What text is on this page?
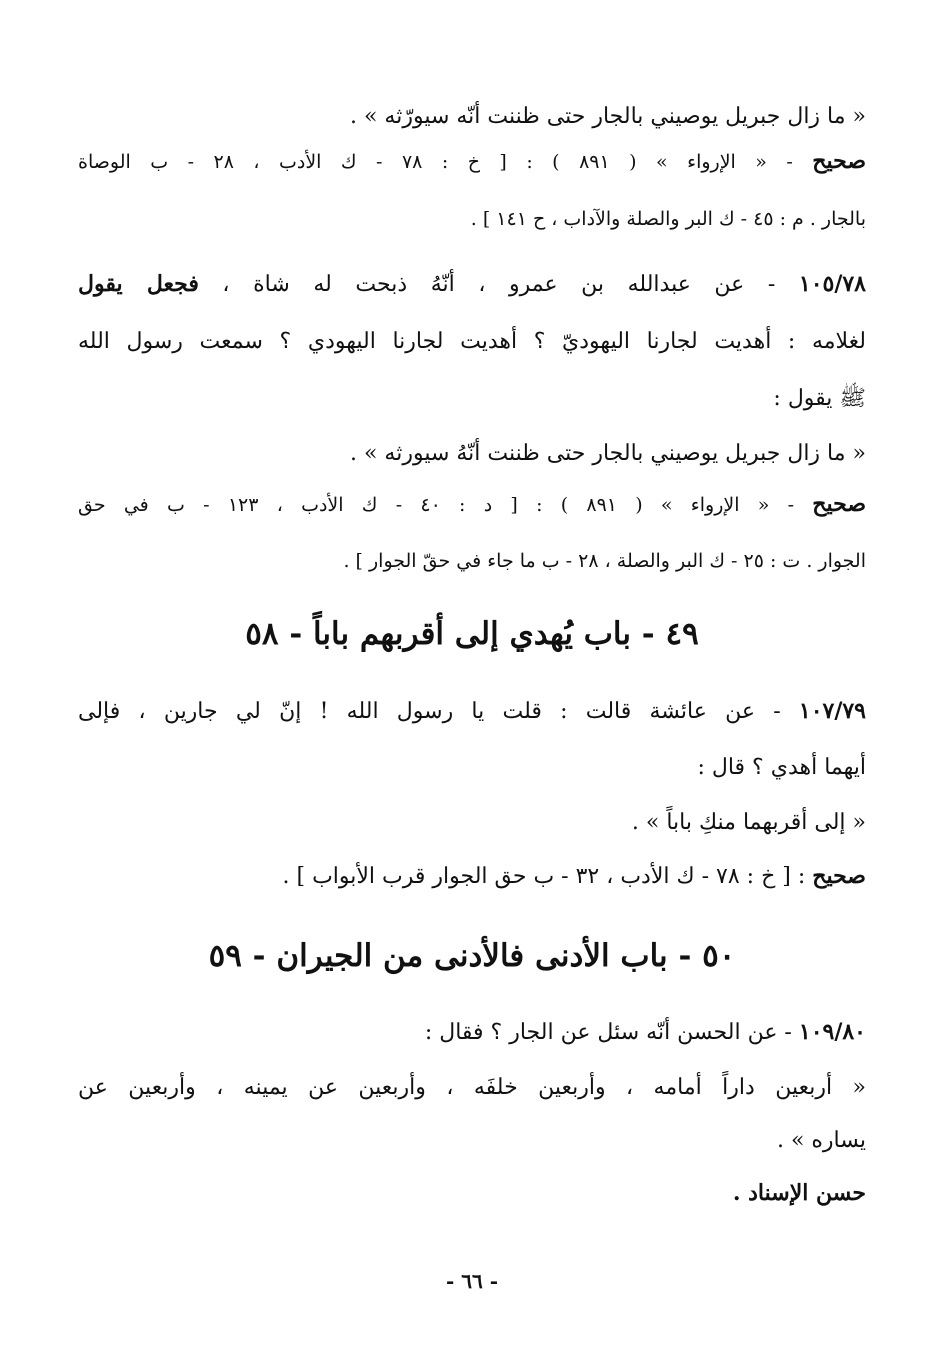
« ما زال جبريل يوصيني بالجار حتى ظننت أنّه سيورّثه » .
صحيح - « الإرواء » ( ٨٩١ ) : [ خ : ٧٨ - ك الأدب ، ٢٨ - ب الوصاة
بالجار . م : ٤٥ - ك البر والصلة والآداب ، ح ١٤١ ] .
١٠٥/٧٨ - عن عبدالله بن عمرو ، أنّهُ ذبحت له شاة ، فجعل يقول
لغلامه : أهديت لجارنا اليهوديّ ؟ أهديت لجارنا اليهودي ؟ سمعت رسول الله
ﷺ يقول :
« ما زال جبريل يوصيني بالجار حتى ظننت أنّهُ سيورثه » .
صحيح - « الإرواء » ( ٨٩١ ) : [ د : ٤٠ - ك الأدب ، ١٢٣ - ب في حق
الجوار . ت : ٢٥ - ك البر والصلة ، ٢٨ - ب ما جاء في حقّ الجوار ] .
٤٩ - باب يُهدي إلى أقربهم باباً - ٥٨
١٠٧/٧٩ - عن عائشة قالت : قلت يا رسول الله ! إنّ لي جارين ، فإلى
أيهما أهدي ؟ قال :
« إلى أقربهما منكِ باباً » .
صحيح : [ خ : ٧٨ - ك الأدب ، ٣٢ - ب حق الجوار قرب الأبواب ] .
٥٠ - باب الأدنى فالأدنى من الجيران - ٥٩
١٠٩/٨٠ - عن الحسن أنّه سئل عن الجار ؟ فقال :
« أربعين داراً أمامه ، وأربعين خلفَه ، وأربعين عن يمينه ، وأربعين عن
يساره » .
حسن الإسناد .
- ٦٦ -
